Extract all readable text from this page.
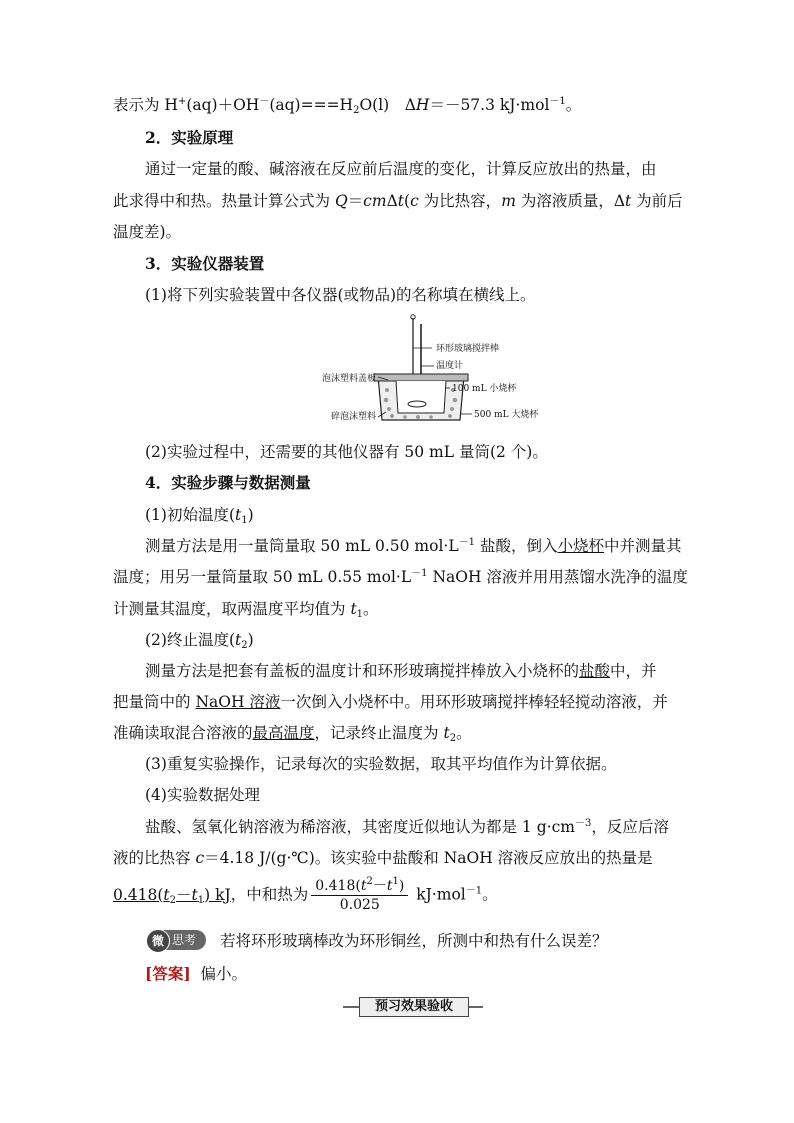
表示为 $H^+(aq)+OH^-(aq)===H_2O(l)$　ΔH＝－57.3 kJ·mol$^{-1}$。
2．实验原理
通过一定量的酸、碱溶液在反应前后温度的变化，计算反应放出的热量，由
此求得中和热。热量计算公式为 Q＝cmΔt(c 为比热容，m 为溶液质量，Δt 为前后
温度差)。
3．实验仪器装置
(1)将下列实验装置中各仪器(或物品)的名称填在横线上。
环形玻璃搅拌棒
温度计
100 mL 小烧杯
500 mL 大烧杯
泡沫塑料盖板
碎泡沫塑料
(2)实验过程中，还需要的其他仪器有 50 mL 量筒(2 个)。
4．实验步骤与数据测量
(1)初始温度$(t_1)$
测量方法是用一量筒量取 50 mL 0.50 $mol\cdot L^{-1}$ 盐酸，倒入小烧杯中并测量其
温度；用另一量筒量取 50 mL 0.55 $mol\cdot L^{-1}$ NaOH 溶液并用用蒸馏水洗净的温度
计测量其温度，取两温度平均值为 $t_1$。
(2)终止温度$(t_2)$
测量方法是把套有盖板的温度计和环形玻璃搅拌棒放入小烧杯的盐酸中，并
把量筒中的 NaOH 溶液一次倒入小烧杯中。用环形玻璃搅拌棒轻轻搅动溶液，并
准确读取混合溶液的最高温度，记录终止温度为 $t_2$。
(3)重复实验操作，记录每次的实验数据，取其平均值作为计算依据。
(4)实验数据处理
盐酸、氢氧化钠溶液为稀溶液，其密度近似地认为都是 1 $g\cdot cm^{-3}$，反应后溶
液的比热容 c＝4.18 J/(g·℃)。该实验中盐酸和 NaOH 溶液反应放出的热量是
$0.418(t_2-t_1)$ kJ，中和热为 $\frac{0.418(t^2-t^1)}{0.025} kJ\cdot mol^{-1}$。
微 思考 若将环形玻璃棒改为环形铜丝，所测中和热有什么误差？
[答案] 偏小。
预习效果验收
